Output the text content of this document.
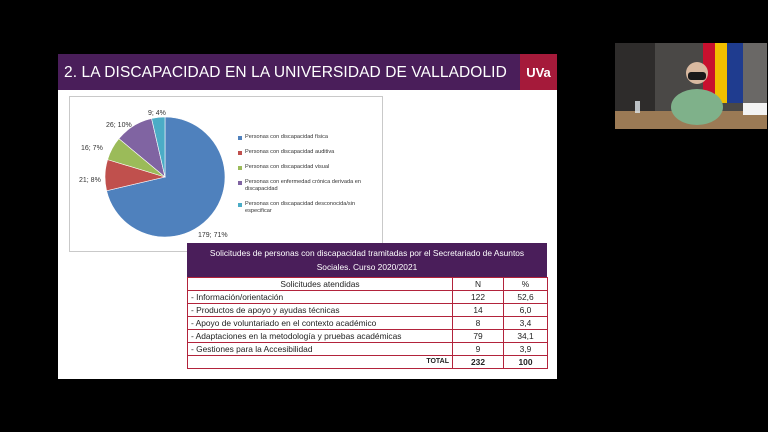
2. LA DISCAPACIDAD EN LA UNIVERSIDAD DE VALLADOLID	UVa
179; 71%
21; 8%
16; 7%
26; 10%
9; 4%
Personas con discapacidad física
Personas con discapacidad auditiva
Personas con discapacidad visual
Personas con enfermedad crónica derivada en discapacidad
Personas con discapacidad desconocida/sin especificar
Solicitudes de personas con discapacidad tramitadas por el Secretariado de Asuntos Sociales. Curso 2020/2021
Solicitudes atendidas	N	%
- Información/orientación	122	52,6
- Productos de apoyo y ayudas técnicas	14	6,0
- Apoyo de voluntariado en el contexto académico	8	3,4
- Adaptaciones en la metodología y pruebas académicas	79	34,1
- Gestiones para la Accesibilidad	9	3,9
TOTAL	232	100
